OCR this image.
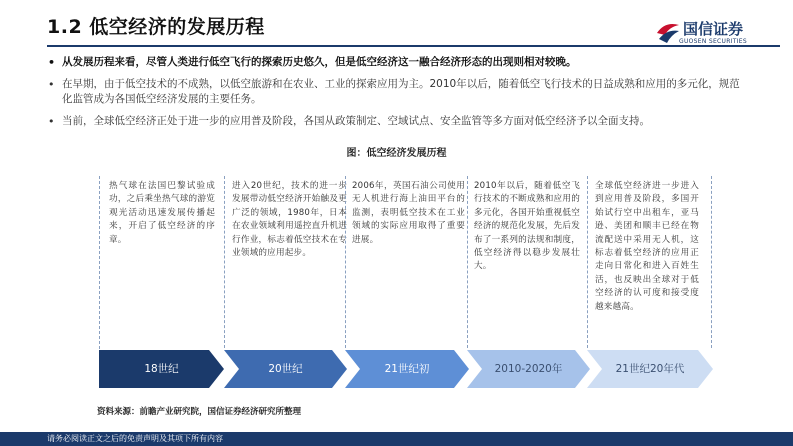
1.2 低空经济的发展历程	国信证券
GUOSEN SECURITIES
• 从发展历程来看，尽管人类进行低空飞行的探索历史悠久，但是低空经济这一融合经济形态的出现则相对较晚。
• 在早期，由于低空技术的不成熟，以低空旅游和在农业、工业的探索应用为主。2010年以后，随着低空飞行技术的日益成熟和应用的多元化，规范化监管成为各国低空经济发展的主要任务。
• 当前，全球低空经济正处于进一步的应用普及阶段，各国从政策制定、空域试点、安全监管等多方面对低空经济予以全面支持。
图：低空经济发展历程
热气球在法国巴黎试验成功，之后乘坐热气球的游览观光活动迅速发展传播起来，开启了低空经济的序章。
进入20世纪，技术的进一步发展带动低空经济开始触及更广泛的领域，1980年，日本在农业领域利用遥控直升机进行作业，标志着低空技术在专业领域的应用起步。
2006年，英国石油公司使用无人机进行海上油田平台的监测，表明低空技术在工业领域的实际应用取得了重要进展。
2010年以后，随着低空飞行技术的不断成熟和应用的多元化，各国开始重视低空经济的规范化发展，先后发布了一系列的法规和制度，低空经济得以稳步发展壮大。
全球低空经济进一步进入到应用普及阶段，多国开始试行空中出租车，亚马逊、美团和顺丰已经在物流配送中采用无人机，这标志着低空经济的应用正走向日常化和进入百姓生活，也反映出全球对于低空经济的认可度和接受度越来越高。
18世纪	20世纪	21世纪初	2010-2020年	21世纪20年代
资料来源：前瞻产业研究院，国信证券经济研究所整理
请务必阅读正文之后的免责声明及其项下所有内容
